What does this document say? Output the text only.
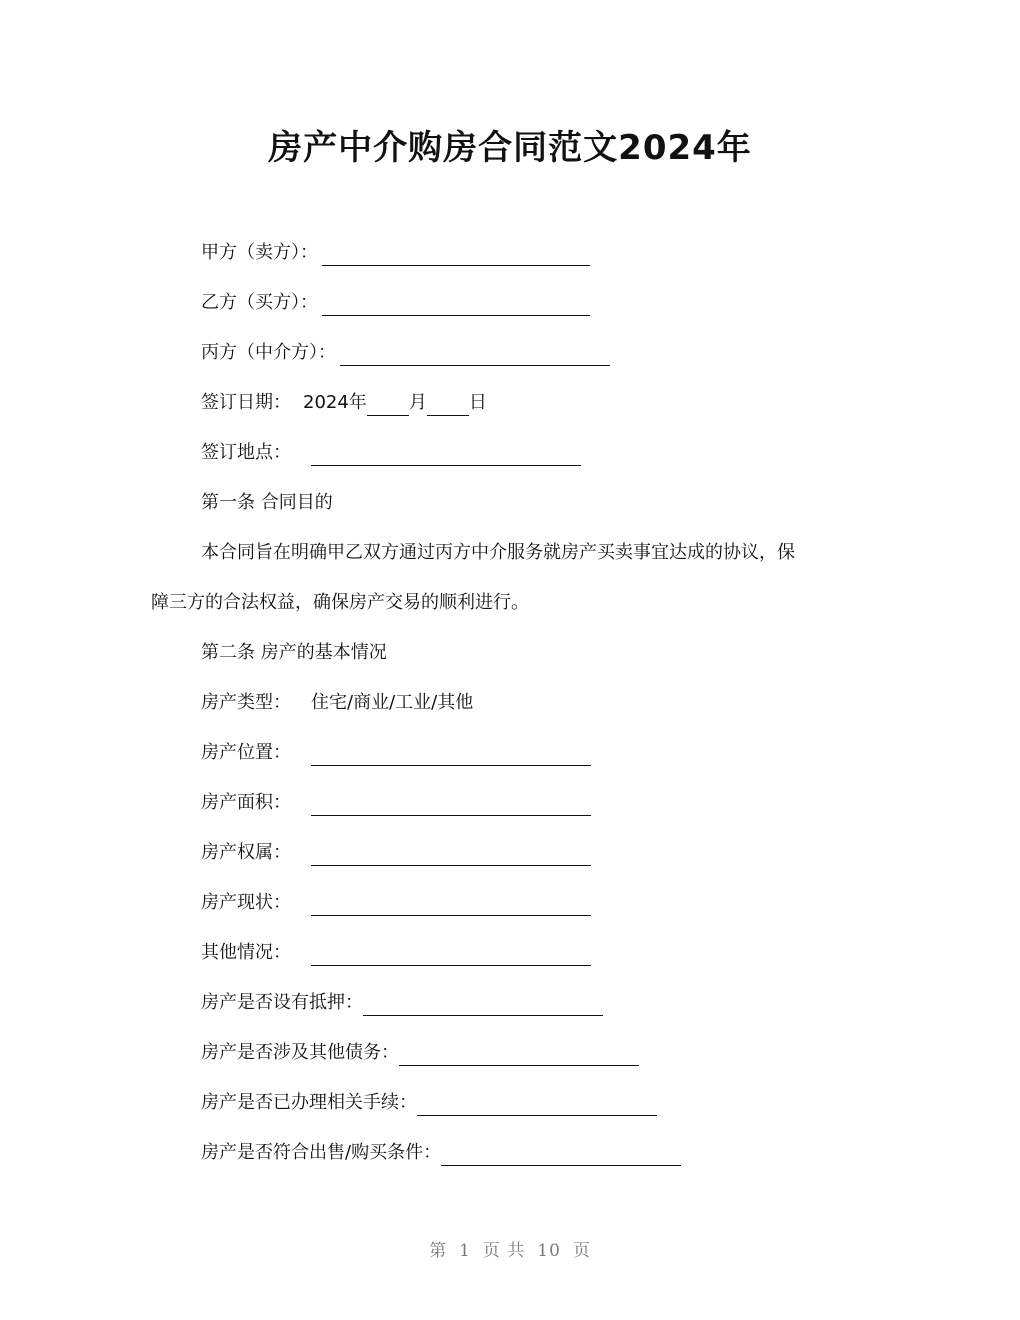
房产中介购房合同范文2024年
甲方（卖方）：
乙方（买方）：
丙方（中介方）：
签订日期： 2024年 月 日
签订地点：
第一条 合同目的
本合同旨在明确甲乙双方通过丙方中介服务就房产买卖事宜达成的协议，保
障三方的合法权益，确保房产交易的顺利进行。
第二条 房产的基本情况
房产类型： 住宅/商业/工业/其他
房产位置：
房产面积：
房产权属：
房产现状：
其他情况：
房产是否设有抵押：
房产是否涉及其他债务：
房产是否已办理相关手续：
房产是否符合出售/购买条件：
第 1 页 共 10 页
